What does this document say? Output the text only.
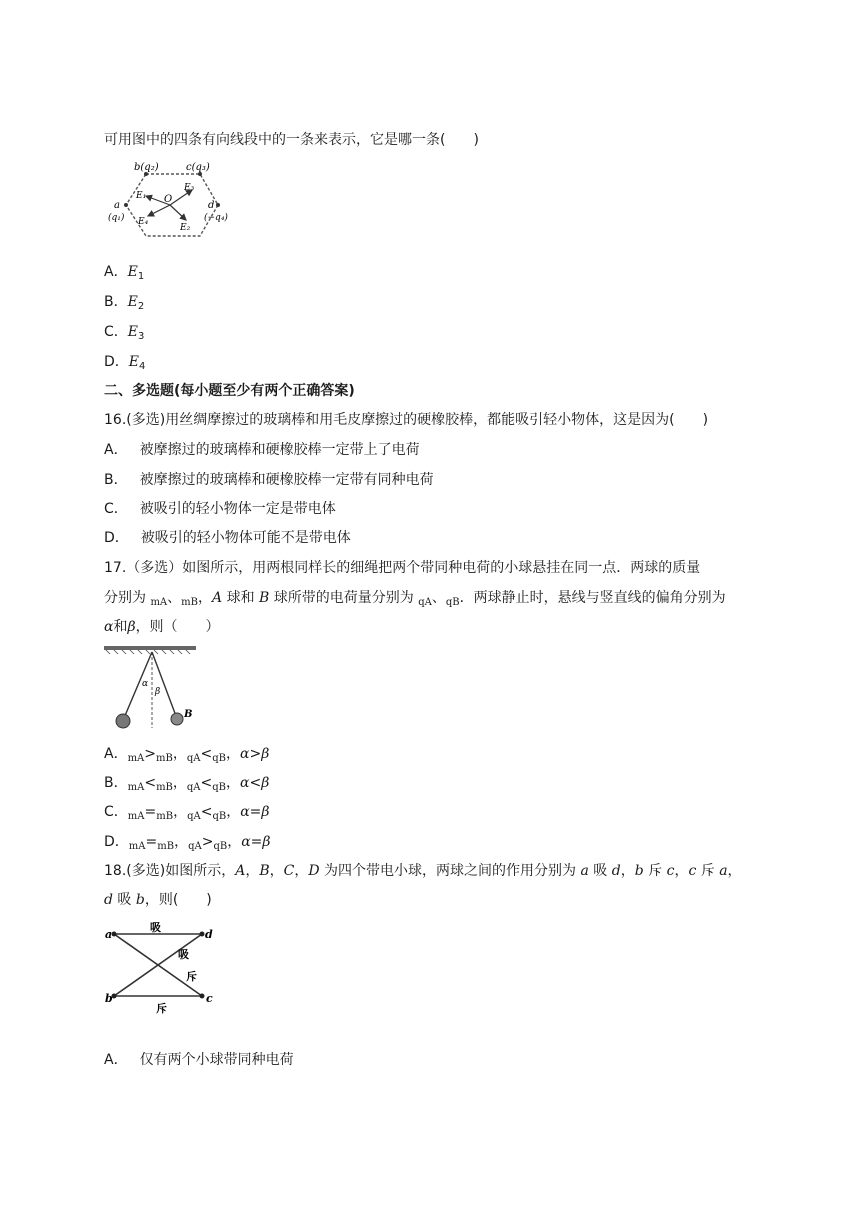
可用图中的四条有向线段中的一条来表示，它是哪一条(　　)
b(q₂)	c(q₃)
a
(q₁)
d
(−q₄)
O
E₁
E₃
E₄
E₂
A．$E_1$
B．$E_2$
C．$E_3$
D．$E_4$
二、多选题(每小题至少有两个正确答案)
16.(多选)用丝绸摩擦过的玻璃棒和用毛皮摩擦过的硬橡胶棒，都能吸引轻小物体，这是因为(　　)
A． 被摩擦过的玻璃棒和硬橡胶棒一定带上了电荷
B． 被摩擦过的玻璃棒和硬橡胶棒一定带有同种电荷
C． 被吸引的轻小物体一定是带电体
D． 被吸引的轻小物体可能不是带电体
17.（多选）如图所示，用两根同样长的细绳把两个带同种电荷的小球悬挂在同一点．两球的质量
分别为 $_{mA}$、$_{mB}$，A 球和 B 球所带的电荷量分别为 $_{qA}$、$_{qB}$．两球静止时，悬线与竖直线的偏角分别为
α和β，则（　　）
α
β
B
A．$_{mA}>_{mB}$，$_{qA}<_{qB}$，α>β
B．$_{mA}<_{mB}$，$_{qA}<_{qB}$，α<β
C．$_{mA}=_{mB}$，$_{qA}<_{qB}$，α=β
D．$_{mA}=_{mB}$，$_{qA}>_{qB}$，α=β
18.(多选)如图所示，A，B，C，D 为四个带电小球，两球之间的作用分别为 a 吸 d，b 斥 c，c 斥 a，
d 吸 b，则(　　)
a	d
b	c
吸
吸
斥
斥
A． 仅有两个小球带同种电荷
